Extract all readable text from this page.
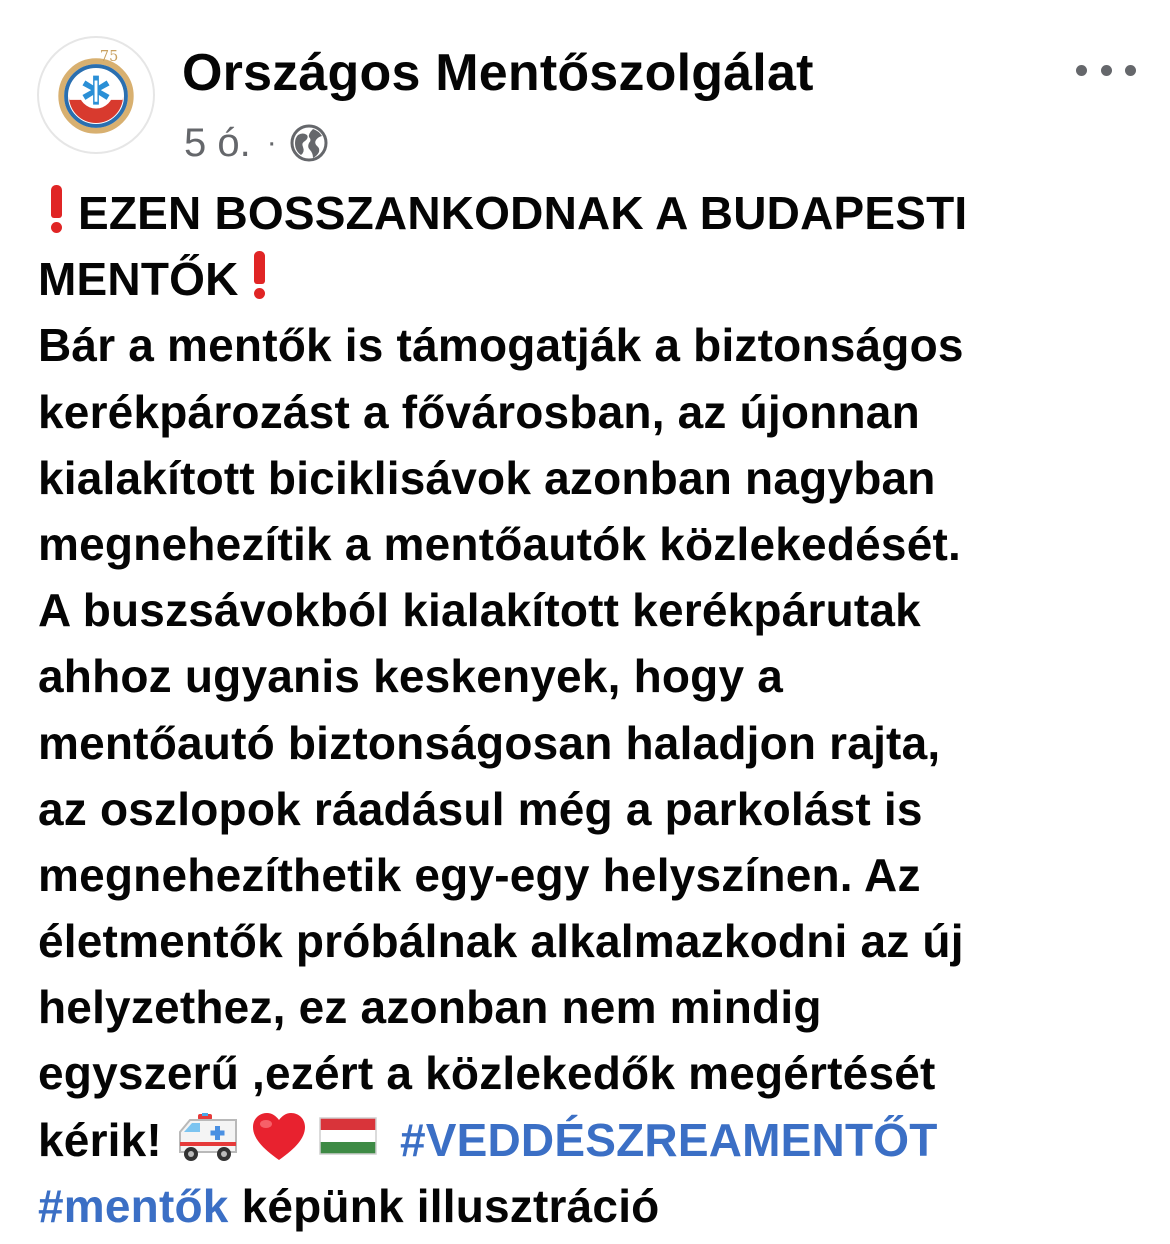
75 Országos Mentőszolgálat
5 ó. ·
EZEN BOSSZANKODNAK A BUDAPESTI
MENTŐK
Bár a mentők is támogatják a biztonságos
kerékpározást a fővárosban, az újonnan
kialakított biciklisávok azonban nagyban
megnehezítik a mentőautók közlekedését.
A buszsávokból kialakított kerékpárutak
ahhoz ugyanis keskenyek, hogy a
mentőautó biztonságosan haladjon rajta,
az oszlopok ráadásul még a parkolást is
megnehezíthetik egy-egy helyszínen. Az
életmentők próbálnak alkalmazkodni az új
helyzethez, ez azonban nem mindig
egyszerű ,ezért a közlekedők megértését
kérik!	#VEDDÉSZREAMENTŐT
#mentők képünk illusztráció
